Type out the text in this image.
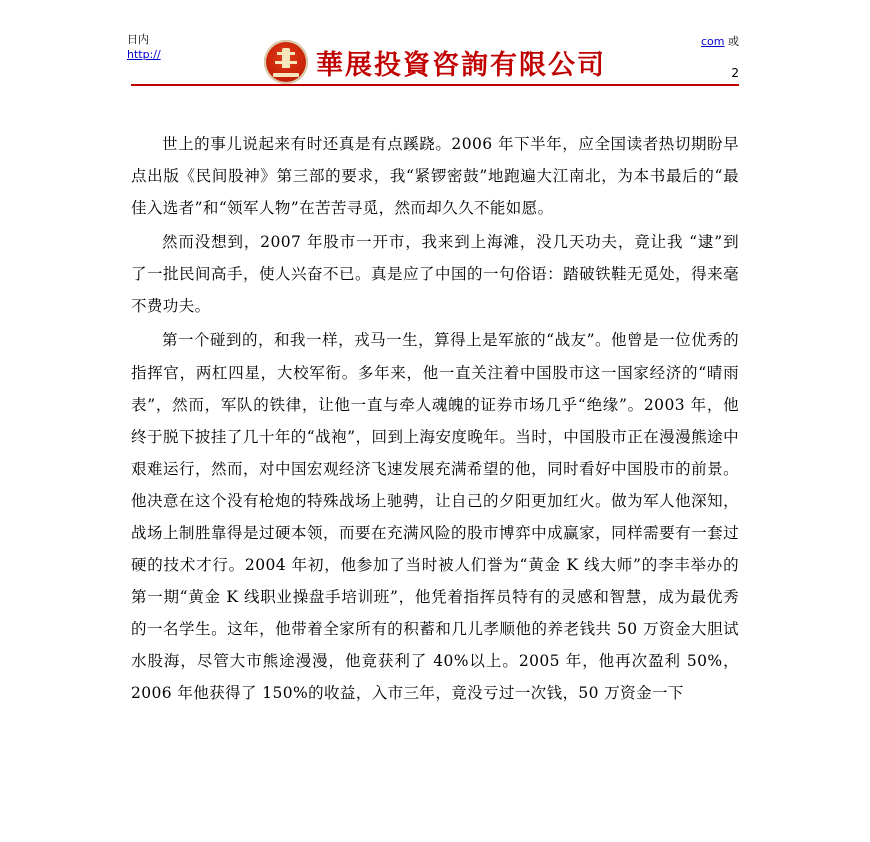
日内
http://
com 或
華展投資咨詢有限公司	2

世上的事儿说起来有时还真是有点蹊跷。2006 年下半年，应全国读者热切期盼早点出版《民间股神》第三部的要求，我“紧锣密鼓”地跑遍大江南北，为本书最后的“最佳入选者”和“领军人物”在苦苦寻觅，然而却久久不能如愿。

然而没想到，2007 年股市一开市，我来到上海滩，没几天功夫，竟让我 “逮”到了一批民间高手，使人兴奋不已。真是应了中国的一句俗语：踏破铁鞋无觅处，得来毫不费功夫。

第一个碰到的，和我一样，戎马一生，算得上是军旅的“战友”。他曾是一位优秀的指挥官，两杠四星，大校军衔。多年来，他一直关注着中国股市这一国家经济的“晴雨表”，然而，军队的铁律，让他一直与牵人魂魄的证券市场几乎“绝缘”。2003 年，他终于脱下披挂了几十年的“战袍”，回到上海安度晚年。当时，中国股市正在漫漫熊途中艰难运行，然而，对中国宏观经济飞速发展充满希望的他，同时看好中国股市的前景。他决意在这个没有枪炮的特殊战场上驰骋，让自己的夕阳更加红火。做为军人他深知，战场上制胜靠得是过硬本领，而要在充满风险的股市博弈中成赢家，同样需要有一套过硬的技术才行。2004 年初，他参加了当时被人们誉为“黄金 K 线大师”的李丰举办的第一期“黄金 K 线职业操盘手培训班”，他凭着指挥员特有的灵感和智慧，成为最优秀的一名学生。这年，他带着全家所有的积蓄和几儿孝顺他的养老钱共 50 万资金大胆试水股海，尽管大市熊途漫漫，他竟获利了 40%以上。2005 年，他再次盈利 50%，2006 年他获得了 150%的收益，入市三年，竟没亏过一次钱，50 万资金一下
